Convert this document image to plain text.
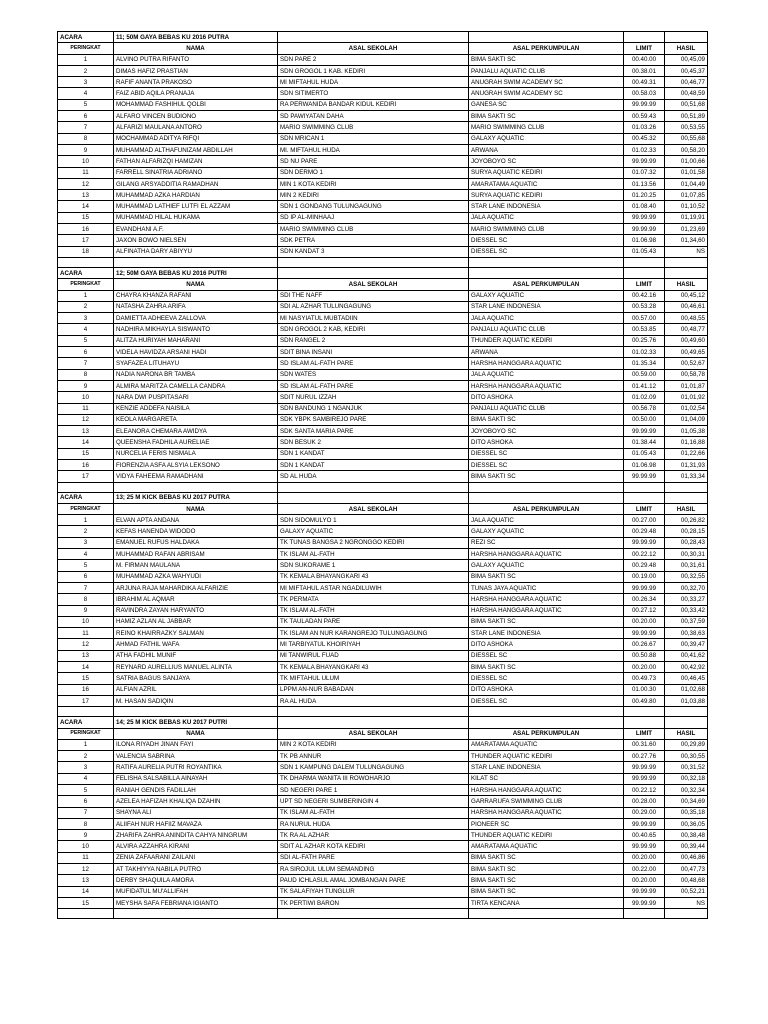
ACARA	11; 50M GAYA BEBAS KU 2016 PUTRA				
PERINGKAT	NAMA	ASAL SEKOLAH	ASAL PERKUMPULAN	LIMIT	HASIL
1	ALVINO PUTRA RIFANTO	SDN PARE 2	BIMA SAKTI SC	00.40.00	00,45,09
2	DIMAS HAFIZ PRASTIAN	SDN GROGOL 1 KAB. KEDIRI	PANJALU AQUATIC CLUB	00.38.01	00,45,37
3	RAFIF ANANTA PRAKOSO	MI MIFTAHUL HUDA	ANUGRAH SWIM ACADEMY SC	00.49.31	00,46,77
4	FAIZ ABID AQILA PRANAJA	SDN SITIMERTO	ANUGRAH SWIM ACADEMY SC	00.58.03	00,48,59
5	MOHAMMAD FASHIHUL QOLBI	RA PERWANIDA BANDAR KIDUL KEDIRI	GANESA SC	99.99.99	00,51,68
6	ALFARO VINCEN BUDIONO	SD PAWIYATAN DAHA	BIMA SAKTI SC	00.59.43	00,51,89
7	ALFARIZI MAULANA ANTORO	MARIO SWIMMING CLUB	MARIO SWIMMING CLUB	01.03.26	00,53,55
8	MOCHAMMAD ADITYA RIFQI	SDN MRICAN 1	GALAXY AQUATIC	00.45.32	00,55,68
9	MUHAMMAD ALTHAFUNIZAM ABDILLAH	MI. MIFTAHUL HUDA	ARWANA	01.02.33	00,58,20
10	FATHAN ALFARIZQI HAMIZAN	SD NU PARE	JOYOBOYO SC	99.99.99	01,00,66
11	FARRELL SINATRIA ADRIANO	SDN DERMO 1	SURYA AQUATIC KEDIRI	01.07.32	01,01,58
12	GILANG ARSYADDITIA RAMADHAN	MIN 1 KOTA KEDIRI	AMARATAMA AQUATIC	01.13.56	01,04,49
13	MUHAMMAD AZKA HARDIAN	MIN 2 KEDIRI	SURYA AQUATIC KEDIRI	01.20.25	01,07,85
14	MUHAMMAD LATHIEF LUTFI EL AZZAM	SDN 1 GONDANG TULUNGAGUNG	STAR LANE INDONESIA	01.08.40	01,10,52
15	MUHAMMAD HILAL HUKAMA	SD IP AL-MINHAAJ	JALA AQUATIC	99.99.99	01,19,91
16	EVANDHANI A.F.	MARIO SWIMMING CLUB	MARIO SWIMMING CLUB	99.99.99	01,23,69
17	JAXON BOWO NIELSEN	SDK PETRA	DIESSEL SC	01.06.98	01,34,60
18	ALFINATHA DARY ABIYYU	SDN KANDAT 3	DIESSEL SC	01.05.43	NS

ACARA	12; 50M GAYA BEBAS KU 2016 PUTRI				
PERINGKAT	NAMA	ASAL SEKOLAH	ASAL PERKUMPULAN	LIMIT	HASIL
1	CHAYRA KHANZA RAFANI	SDI THE NAFF	GALAXY AQUATIC	00.42.16	00,45,12
2	NATASHA ZAHRA ARIFA	SDI AL AZHAR TULUNGAGUNG	STAR LANE INDONESIA	00.53.28	00,46,61
3	DAMIETTA ADHEEVA ZALLOVA	MI NASYIATUL MUBTADIIN	JALA AQUATIC	00.57.00	00,48,55
4	NADHIRA MIKHAYLA SISWANTO	SDN GROGOL 2 KAB, KEDIRI	PANJALU AQUATIC CLUB	00.53.85	00,48,77
5	ALITZA HURIYAH MAHARANI	SDN RANGEL 2	THUNDER AQUATIC KEDIRI	00.25.76	00,49,60
6	VIDELA HAVIDZA ARSANI HADI	SDIT BINA INSANI	ARWANA	01.02.33	00,49,65
7	SYAFAZEA LITUHAYU	SD ISLAM AL-FATH PARE	HARSHA HANGGARA AQUATIC	01.35.34	00,52,67
8	NADIA NARONA BR TAMBA	SDN WATES	JALA AQUATIC	00.59.00	00,58,78
9	ALMIRA MARITZA CAMELLA CANDRA	SD ISLAM AL-FATH PARE	HARSHA HANGGARA AQUATIC	01.41.12	01,01,87
10	NARA DWI PUSPITASARI	SDIT NURUL IZZAH	DITO ASHOKA	01.02.09	01,01,92
11	KENZIE ADDEFA NAISILA	SDN BANDUNG 1 NGANJUK	PANJALU AQUATIC CLUB	00.56.78	01,02,54
12	KEOLA MARGARETA	SDK YBPK SAMBIREJO PARE	BIMA SAKTI SC	00.50.00	01,04,09
13	ELEANORA CHEMARA AWIDYA	SDK SANTA MARIA PARE	JOYOBOYO SC	99.99.99	01,05,38
14	QUEENSHA FADHILA AURELIAE	SDN BESUK 2	DITO ASHOKA	01.38.44	01,16,88
15	NURCELIA FERIS NISMALA	SDN 1 KANDAT	DIESSEL SC	01.05.43	01,22,66
16	FIORENZIA ASFA ALSYIA LEKSONO	SDN 1 KANDAT	DIESSEL SC	01.06.98	01,31,93
17	VIDYA FAHEEMA RAMADHANI	SD AL HUDA	BIMA SAKTI SC	99.99.99	01,33,34

ACARA	13; 25 M KICK BEBAS KU 2017 PUTRA				
PERINGKAT	NAMA	ASAL SEKOLAH	ASAL PERKUMPULAN	LIMIT	HASIL
1	ELVAN APTA ANDANA	SDN SIDOMULYO 1	JALA AQUATIC	00.27.00	00,26,82
2	KEFAS HANENDA WIDODO	GALAXY AQUATIC	GALAXY AQUATIC	00.29.48	00,28,15
3	EMANUEL RUFUS HALDAKA	TK TUNAS BANGSA 2 NGRONGGO KEDIRI	REZI SC	99.99.99	00,28,43
4	MUHAMMAD RAFAN ABRISAM	TK ISLAM AL-FATH	HARSHA HANGGARA AQUATIC	00.22.12	00,30,31
5	M. FIRMAN MAULANA	SDN SUKORAME 1	GALAXY AQUATIC	00.29.48	00,31,61
6	MUHAMMAD AZKA WAHYUDI	TK KEMALA BHAYANGKARI 43	BIMA SAKTI SC	00.19.00	00,32,55
7	ARJUNA RAJA MAHARDIKA ALFARIZIE	MI MIFTAHUL ASTAR NGADILUWIH	TUNAS JAYA AQUATIC	99.99.99	00,32,70
8	IBRAHIM AL AQMAR	TK PERMATA	HARSHA HANGGARA AQUATIC	00.26.34	00,33,27
9	RAVINDRA ZAYAN HARYANTO	TK ISLAM AL-FATH	HARSHA HANGGARA AQUATIC	00.27.12	00,33,42
10	HAMIZ AZLAN AL JABBAR	TK TAULADAN PARE	BIMA SAKTI SC	00.20.00	00,37,59
11	REINO KHAIRRAZKY SALMAN	TK ISLAM AN NUR KARANGREJO TULUNGAGUNG	STAR LANE INDONESIA	99.99.99	00,38,63
12	AHMAD FATHIL WAFA	MI TARBIYATUL KHOIRIYAH	DITO ASHOKA	00.26.67	00,39,47
13	ATHA FADHIL MUNIF	MI TANWIRUL FUAD	DIESSEL SC	00.50.88	00,41,62
14	REYNARD AURELLIUS MANUEL ALINTA	TK KEMALA BHAYANGKARI 43	BIMA SAKTI SC	00.20.00	00,42,92
15	SATRIA BAGUS SANJAYA	TK MIFTAHUL ULUM	DIESSEL SC	00.49.73	00,46,45
16	ALFIAN AZRIL	LPPM AN-NUR BABADAN	DITO ASHOKA	01.00.30	01,02,68
17	M. HASAN SADIQIN	RA AL HUDA	DIESSEL SC	00.49.80	01,03,88

ACARA	14; 25 M KICK BEBAS KU 2017 PUTRI				
PERINGKAT	NAMA	ASAL SEKOLAH	ASAL PERKUMPULAN	LIMIT	HASIL
1	ILONA RIYADH JINAN FAYI	MIN 2 KOTA KEDIRI	AMARATAMA AQUATIC	00.31.60	00,29,89
2	VALENCIA SABRINA	TK PB ANNUR	THUNDER AQUATIC KEDIRI	00.27.76	00,30,55
3	RATIFA AURELIA PUTRI ROYANTIKA	SDN 1 KAMPUNG DALEM TULUNGAGUNG	STAR LANE INDONESIA	99.99.99	00,31,52
4	FELISHA SALSABILLA AINAYAH	TK DHARMA WANITA III ROWOHARJO	KILAT SC	99.99.99	00,32,18
5	RANIAH GENDIS FADILLAH	SD NEGERI PARE 1	HARSHA HANGGARA AQUATIC	00.22.12	00,32,34
6	AZELEA HAFIZAH KHALIQA DZAHIN	UPT SD NEGERI SUMBERINGIN 4	GARRARUFA SWIMMING CLUB	00.28.00	00,34,69
7	SHAYNA ALI	TK ISLAM AL-FATH	HARSHA HANGGARA AQUATIC	00.29.00	00,35,18
8	ALIIFAH NUR HAFIIZ MAVAZA	RA NURUL HUDA	PIONEER SC	99.99.99	00,36,05
9	ZHARIFA ZAHRA ANINDITA CAHYA NINGRUM	TK RA AL AZHAR	THUNDER AQUATIC KEDIRI	00.40.65	00,38,48
10	ALVIRA AZZAHRA KIRANI	SDIT AL AZHAR KOTA KEDIRI	AMARATAMA AQUATIC	99.99.99	00,39,44
11	ZENIA ZAFAARANI ZAILANI	SDI AL-FATH PARE	BIMA SAKTI SC	00.20.00	00,46,86
12	AT TAKHIYYA NABILA PUTRO	RA SIROJUL ULUM SEMANDING	BIMA SAKTI SC	00.22.00	00,47,73
13	DERBY SHAQUILA AMORA	PAUD ICHLASUL AMAL JOMBANGAN PARE	BIMA SAKTI SC	00.20.00	00,48,68
14	MUFIDATUL MU'ALLIFAH	TK SALAFIYAH TUNGLUR	BIMA SAKTI SC	99.99.99	00,52,21
15	MEYSHA SAFA FEBRIANA IGIANTO	TK PERTIWI BARON	TIRTA KENCANA	99.99.99	NS
